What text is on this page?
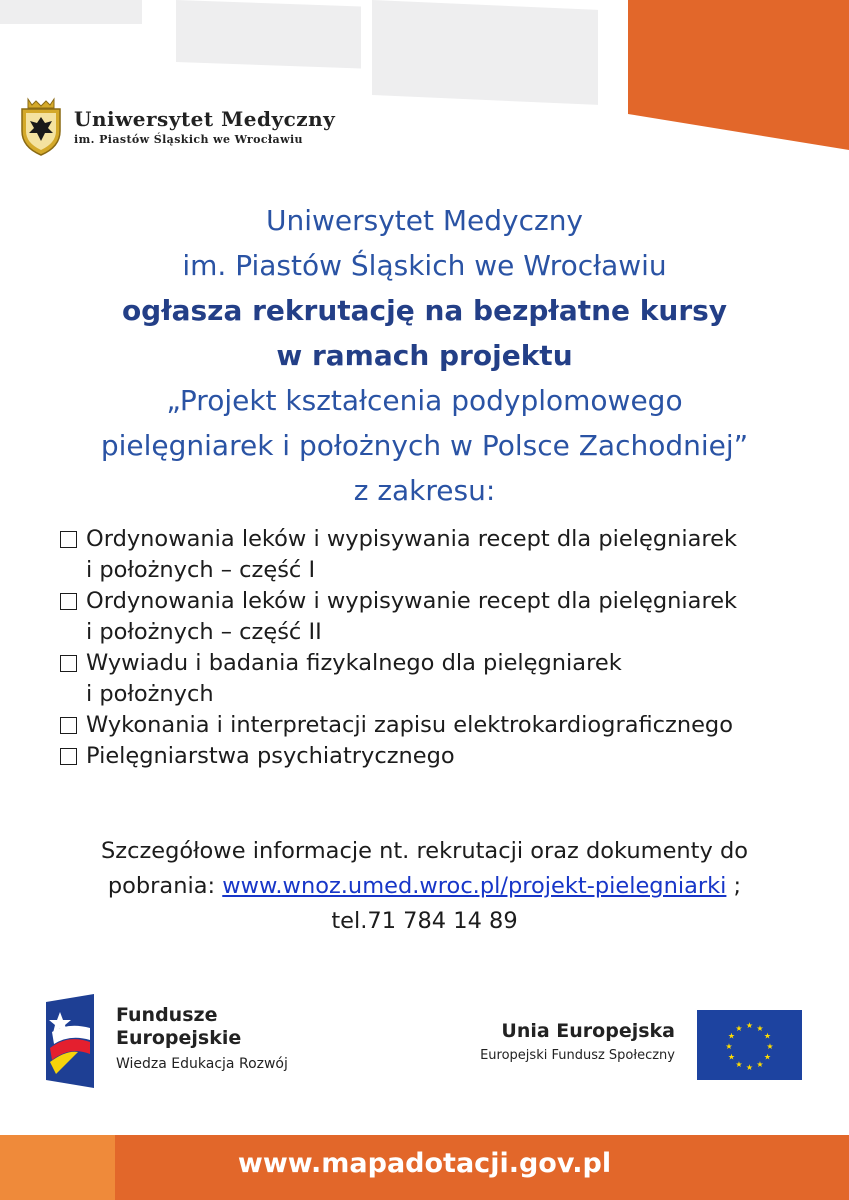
Uniwersytet Medyczny
im. Piastów Śląskich we Wrocławiu
Uniwersytet Medyczny
im. Piastów Śląskich we Wrocławiu
ogłasza rekrutację na bezpłatne kursy
w ramach projektu
„Projekt kształcenia podyplomowego
pielęgniarek i położnych w Polsce Zachodniej”
z zakresu:
Ordynowania leków i wypisywania recept dla pielęgniarek
i położnych – część I
Ordynowania leków i wypisywanie recept dla pielęgniarek
i położnych – część II
Wywiadu i badania fizykalnego dla pielęgniarek
i położnych
Wykonania i interpretacji zapisu elektrokardiograficznego
Pielęgniarstwa psychiatrycznego
Szczegółowe informacje nt. rekrutacji oraz dokumenty do
pobrania: www.wnoz.umed.wroc.pl/projekt-pielegniarki ;
tel.71 784 14 89
Fundusze
Europejskie
Wiedza Edukacja Rozwój
Unia Europejska
Europejski Fundusz Społeczny
★ ★
★
★
★
★
★
★
★
★
★
★
www.mapadotacji.gov.pl
